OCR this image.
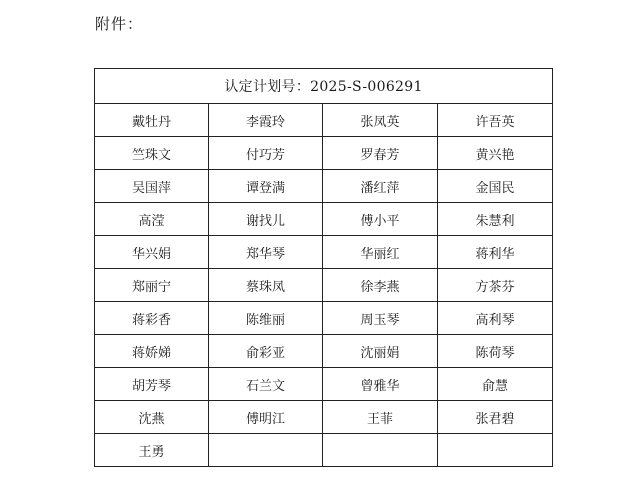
附件：
认定计划号：2025-S-006291			
戴牡丹	李霞玲	张凤英	许吾英
竺珠文	付巧芳	罗春芳	黄兴艳
吴国萍	谭登满	潘红萍	金国民
高滢	谢找儿	傅小平	朱慧利
华兴娟	郑华琴	华丽红	蒋利华
郑丽宁	蔡珠凤	徐李燕	方茶芬
蒋彩香	陈维丽	周玉琴	高利琴
蒋娇娣	俞彩亚	沈丽娟	陈荷琴
胡芳琴	石兰文	曾雅华	俞慧
沈燕	傅明江	王菲	张君碧
王勇			
